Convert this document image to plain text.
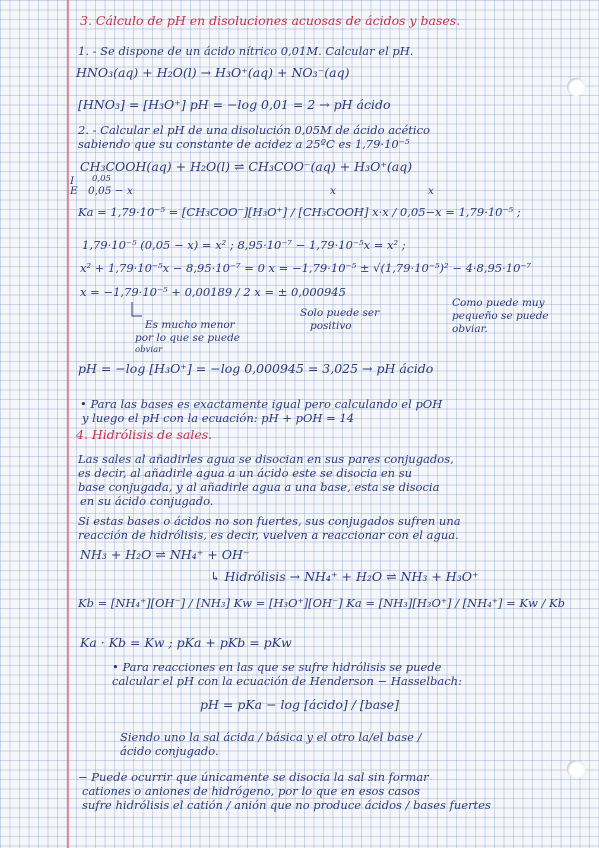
3. Cálculo de pH en disoluciones acuosas de ácidos y bases.
1. - Se dispone de un ácido nítrico 0,01M. Calcular el pH.
HNO₃(aq) + H₂O(l) → H₃O⁺(aq) + NO₃⁻(aq)
[HNO₃] = [H₃O⁺] pH = −log 0,01 = 2 → pH ácido
2. - Calcular el pH de una disolución 0,05M de ácido acético
sabiendo que su constante de acidez a 25ºC es 1,79·10⁻⁵
CH₃COOH(aq) + H₂O(l) ⇌ CH₃COO⁻(aq) + H₃O⁺(aq)
I 0,05
E 0,05 − x	x	x
Ka = 1,79·10⁻⁵ = [CH₃COO⁻][H₃O⁺] / [CH₃COOH] x·x / 0,05−x = 1,79·10⁻⁵ ;
1,79·10⁻⁵ (0,05 − x) = x² ; 8,95·10⁻⁷ − 1,79·10⁻⁵x = x² ;
x² + 1,79·10⁻⁵x − 8,95·10⁻⁷ = 0 x = −1,79·10⁻⁵ ± √(1,79·10⁻⁵)² − 4·8,95·10⁻⁷
x = −1,79·10⁻⁵ + 0,00189 / 2 x = ± 0,000945
Es mucho menor
por lo que se puede
obviar
Solo puede ser
positivo
Como puede muy
pequeño se puede
obviar.
pH = −log [H₃O⁺] = −log 0,000945 = 3,025 → pH ácido
• Para las bases es exactamente igual pero calculando el pOH
y luego el pH con la ecuación: pH + pOH = 14
4. Hidrólisis de sales.
Las sales al añadirles agua se disocian en sus pares conjugados,
es decir, al añadirle agua a un ácido este se disocia en su
base conjugada, y al añadirle agua a una base, esta se disocia
en su ácido conjugado.
Si estas bases o ácidos no son fuertes, sus conjugados sufren una
reacción de hidrólisis, es decir, vuelven a reaccionar con el agua.
NH₃ + H₂O ⇌ NH₄⁺ + OH⁻
↳ Hidrólisis → NH₄⁺ + H₂O ⇌ NH₃ + H₃O⁺
Kb = [NH₄⁺][OH⁻] / [NH₃] Kw = [H₃O⁺][OH⁻] Ka = [NH₃][H₃O⁺] / [NH₄⁺] = Kw / Kb
Ka · Kb = Kw ; pKa + pKb = pKw
• Para reacciones en las que se sufre hidrólisis se puede
calcular el pH con la ecuación de Henderson − Hasselbach:
pH = pKa − log [ácido] / [base]
Siendo uno la sal ácida / básica y el otro la/el base /
ácido conjugado.
− Puede ocurrir que únicamente se disocia la sal sin formar
cationes o aniones de hidrógeno, por lo que en esos casos
sufre hidrólisis el catión / anión que no produce ácidos / bases fuertes
